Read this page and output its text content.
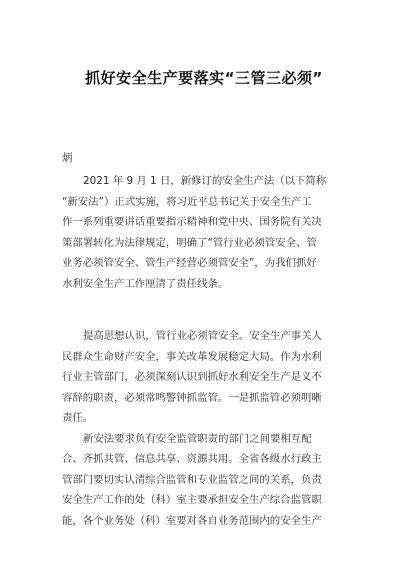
抓好安全生产要落实“三管三必须”
炳
2021 年 9 月 1 日，新修订的安全生产法（以下简称
“新安法”）正式实施，将习近平总书记关于安全生产工
作一系列重要讲话重要指示精神和党中央、国务院有关决
策部署转化为法律规定，明确了“管行业必须管安全、管
业务必须管安全、管生产经营必须管安全”，为我们抓好
水利安全生产工作厘清了责任线条。
提高思想认识，管行业必须管安全。安全生产事关人
民群众生命财产安全，事关改革发展稳定大局。作为水利
行业主管部门，必须深刻认识到抓好水利安全生产是义不
容辞的职责，必须常鸣警钟抓监管。一是抓监管必须明晰
责任。
新安法要求负有安全监管职责的部门之间要相互配
合、齐抓共管、信息共享、资源共用。全省各级水行政主
管部门要切实认清综合监管和专业监管之间的关系，负责
安全生产工作的处（科）室主要承担安全生产综合监管职
能，各个业务处（科）室要对各自业务范围内的安全生产
